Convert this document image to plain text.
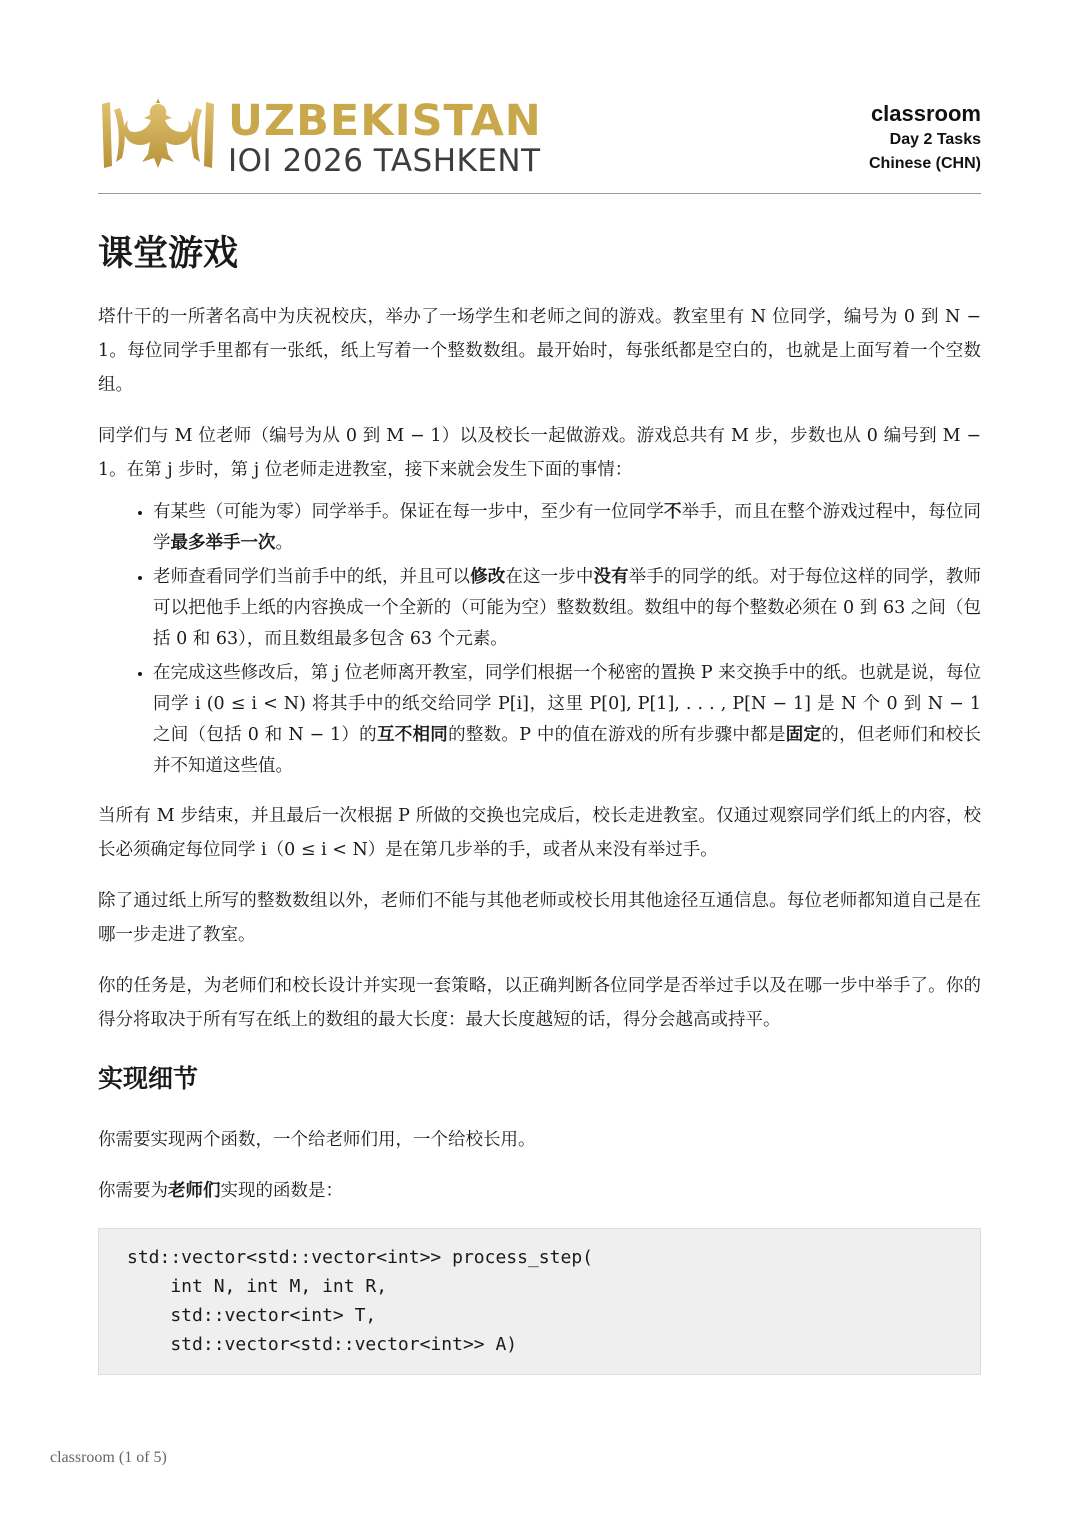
UZBEKISTAN
IOI 2026 TASHKENT
classroom
Day 2 Tasks
Chinese (CHN)
课堂游戏

塔什干的一所著名高中为庆祝校庆，举办了一场学生和老师之间的游戏。教室里有 N 位同学，编号为 0 到 N − 1。每位同学手里都有一张纸，纸上写着一个整数数组。最开始时，每张纸都是空白的，也就是上面写着一个空数组。

同学们与 M 位老师（编号为从 0 到 M − 1）以及校长一起做游戏。游戏总共有 M 步，步数也从 0 编号到 M − 1。在第 j 步时，第 j 位老师走进教室，接下来就会发生下面的事情：

• 有某些（可能为零）同学举手。保证在每一步中，至少有一位同学不举手，而且在整个游戏过程中，每位同学最多举手一次。
• 老师查看同学们当前手中的纸，并且可以修改在这一步中没有举手的同学的纸。对于每位这样的同学，教师可以把他手上纸的内容换成一个全新的（可能为空）整数数组。数组中的每个整数必须在 0 到 63 之间（包括 0 和 63），而且数组最多包含 63 个元素。
• 在完成这些修改后，第 j 位老师离开教室，同学们根据一个秘密的置换 P 来交换手中的纸。也就是说，每位同学 i (0 ≤ i < N) 将其手中的纸交给同学 P[i]，这里 P[0], P[1], . . . , P[N − 1] 是 N 个 0 到 N − 1 之间（包括 0 和 N − 1）的互不相同的整数。P 中的值在游戏的所有步骤中都是固定的，但老师们和校长并不知道这些值。

当所有 M 步结束，并且最后一次根据 P 所做的交换也完成后，校长走进教室。仅通过观察同学们纸上的内容，校长必须确定每位同学 i（0 ≤ i < N）是在第几步举的手，或者从来没有举过手。

除了通过纸上所写的整数数组以外，老师们不能与其他老师或校长用其他途径互通信息。每位老师都知道自己是在哪一步走进了教室。

你的任务是，为老师们和校长设计并实现一套策略，以正确判断各位同学是否举过手以及在哪一步中举手了。你的得分将取决于所有写在纸上的数组的最大长度：最大长度越短的话，得分会越高或持平。

实现细节

你需要实现两个函数，一个给老师们用，一个给校长用。

你需要为老师们实现的函数是：

std::vector<std::vector<int>> process_step(
int N, int M, int R,
std::vector<int> T,
std::vector<std::vector<int>> A)
classroom (1 of 5)
